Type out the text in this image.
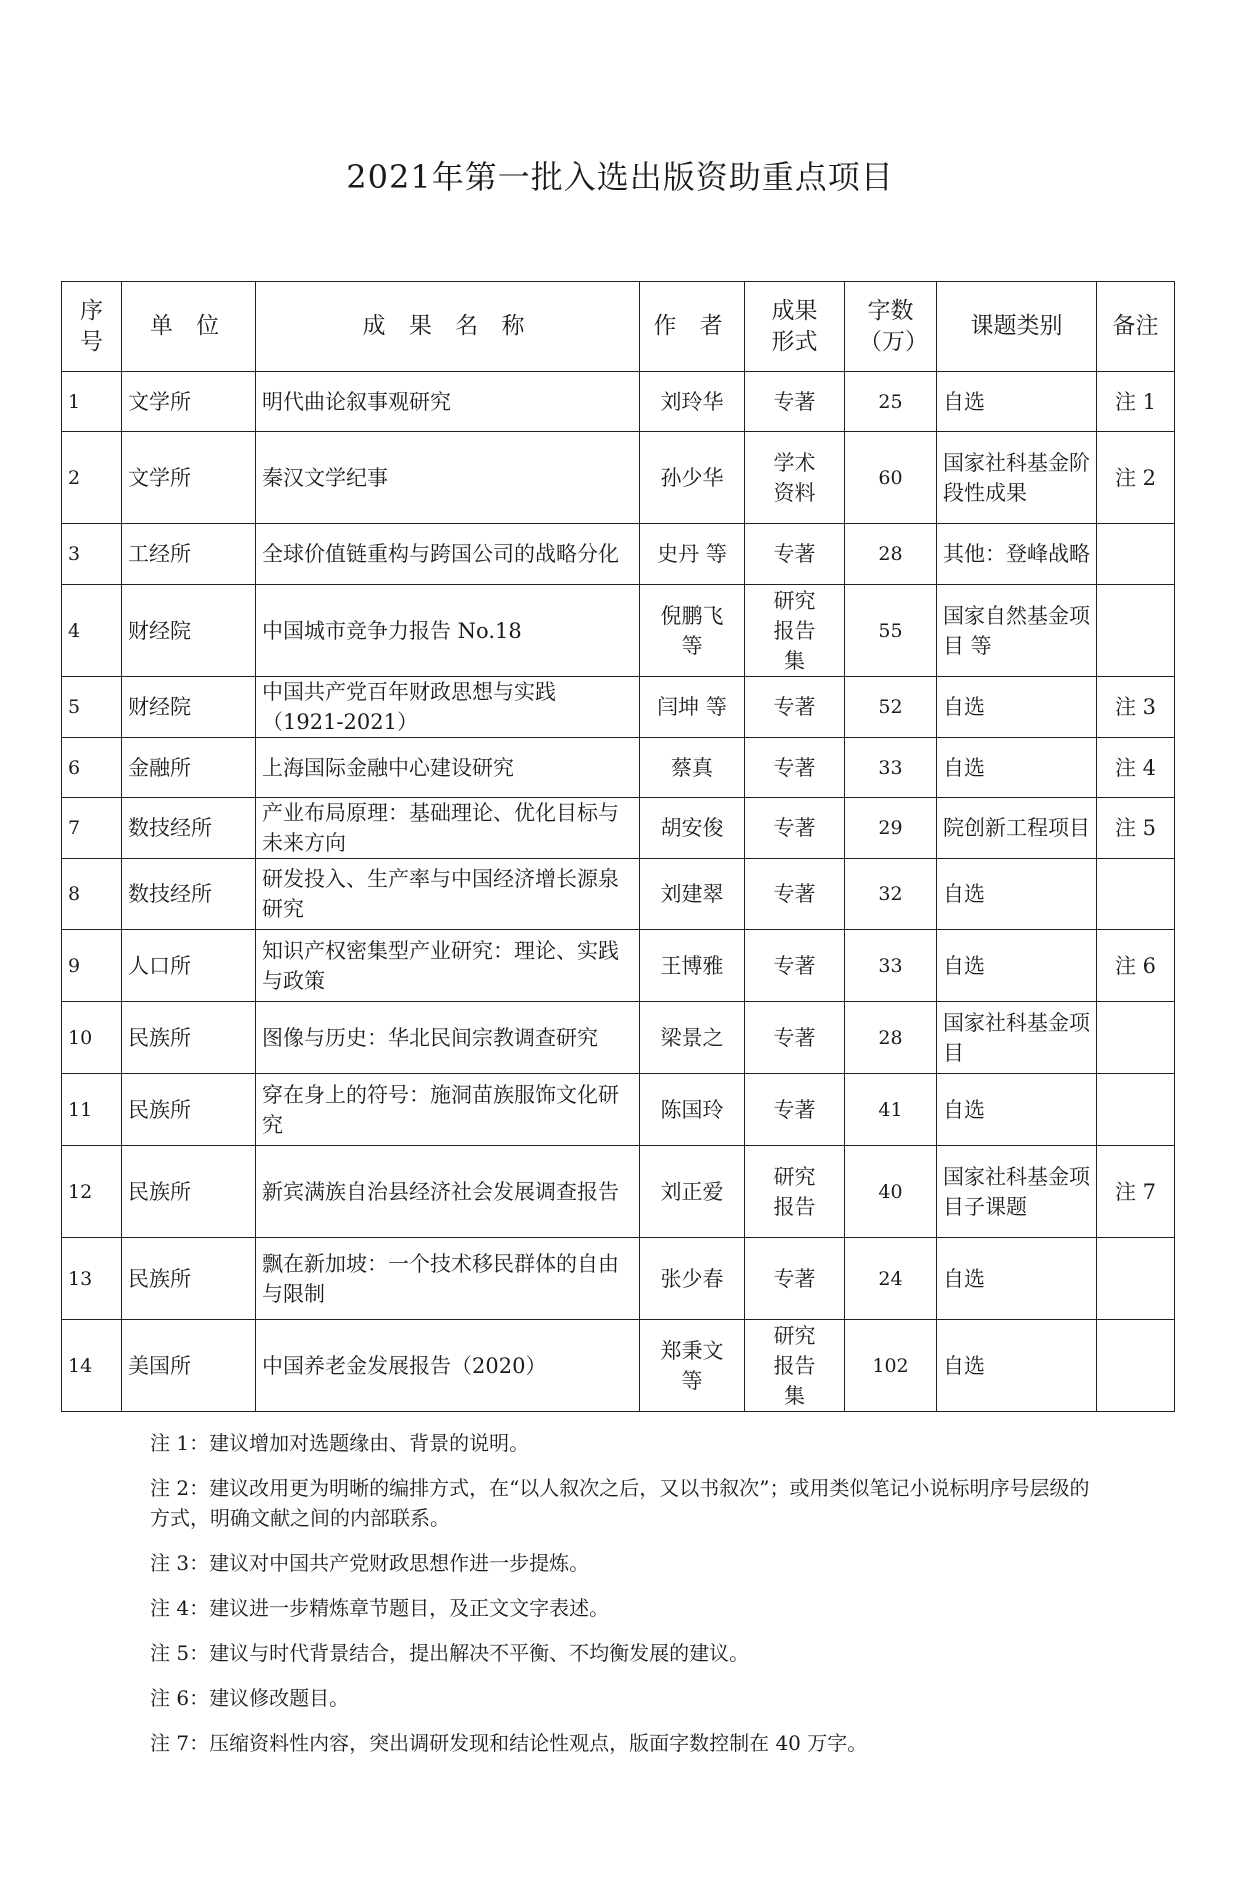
2021年第一批入选出版资助重点项目
序号	单 位	成 果 名 称	作 者	成果形式	字数（万）	课题类别	备注
1	文学所	明代曲论叙事观研究	刘玲华	专著	25	自选	注 1
2	文学所	秦汉文学纪事	孙少华	学术资料	60	国家社科基金阶段性成果	注 2
3	工经所	全球价值链重构与跨国公司的战略分化	史丹 等	专著	28	其他：登峰战略	
4	财经院	中国城市竞争力报告 No.18	倪鹏飞等	研究报告集	55	国家自然基金项目 等	
5	财经院	中国共产党百年财政思想与实践（1921-2021）	闫坤 等	专著	52	自选	注 3
6	金融所	上海国际金融中心建设研究	蔡真	专著	33	自选	注 4
7	数技经所	产业布局原理：基础理论、优化目标与未来方向	胡安俊	专著	29	院创新工程项目	注 5
8	数技经所	研发投入、生产率与中国经济增长源泉研究	刘建翠	专著	32	自选	
9	人口所	知识产权密集型产业研究：理论、实践与政策	王博雅	专著	33	自选	注 6
10	民族所	图像与历史：华北民间宗教调查研究	梁景之	专著	28	国家社科基金项目	
11	民族所	穿在身上的符号：施洞苗族服饰文化研究	陈国玲	专著	41	自选	
12	民族所	新宾满族自治县经济社会发展调查报告	刘正爱	研究报告	40	国家社科基金项目子课题	注 7
13	民族所	飘在新加坡：一个技术移民群体的自由与限制	张少春	专著	24	自选	
14	美国所	中国养老金发展报告（2020）	郑秉文等	研究报告集	102	自选	
注 1：建议增加对选题缘由、背景的说明。
注 2：建议改用更为明晰的编排方式，在“以人叙次之后，又以书叙次”；或用类似笔记小说标明序号层级的方式，明确文献之间的内部联系。
注 3：建议对中国共产党财政思想作进一步提炼。
注 4：建议进一步精炼章节题目，及正文文字表述。
注 5：建议与时代背景结合，提出解决不平衡、不均衡发展的建议。
注 6：建议修改题目。
注 7：压缩资料性内容，突出调研发现和结论性观点，版面字数控制在 40 万字。
